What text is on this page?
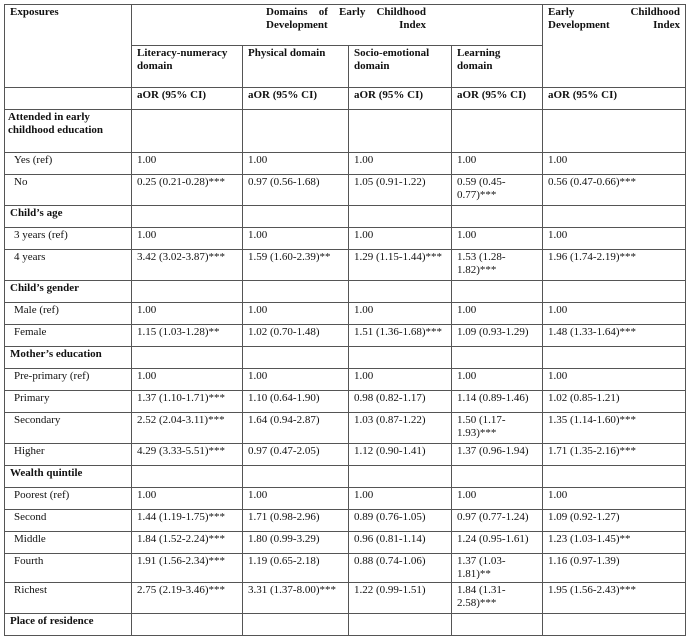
Exposures	Domains of Early Childhood Development Index				Early Childhood Development Index

	Literacy-numeracy domain	Physical domain	Socio-emotional domain	Learning domain	
	aOR (95% CI)	aOR (95% CI)	aOR (95% CI)	aOR (95% CI)	aOR (95% CI)
Attended in early childhood education					
Yes (ref)	1.00	1.00	1.00	1.00	1.00
No	0.25 (0.21-0.28)***	0.97 (0.56-1.68)	1.05 (0.91-1.22)	0.59 (0.45-0.77)***	0.56 (0.47-0.66)***
Child’s age					
3 years (ref)	1.00	1.00	1.00	1.00	1.00
4 years	3.42 (3.02-3.87)***	1.59 (1.60-2.39)**	1.29 (1.15-1.44)***	1.53 (1.28-1.82)***	1.96 (1.74-2.19)***
Child’s gender					
Male (ref)	1.00	1.00	1.00	1.00	1.00
Female	1.15 (1.03-1.28)**	1.02 (0.70-1.48)	1.51 (1.36-1.68)***	1.09 (0.93-1.29)	1.48 (1.33-1.64)***
Mother’s education					
Pre-primary (ref)	1.00	1.00	1.00	1.00	1.00
Primary	1.37 (1.10-1.71)***	1.10 (0.64-1.90)	0.98 (0.82-1.17)	1.14 (0.89-1.46)	1.02 (0.85-1.21)
Secondary	2.52 (2.04-3.11)***	1.64 (0.94-2.87)	1.03 (0.87-1.22)	1.50 (1.17-1.93)***	1.35 (1.14-1.60)***
Higher	4.29 (3.33-5.51)***	0.97 (0.47-2.05)	1.12 (0.90-1.41)	1.37 (0.96-1.94)	1.71 (1.35-2.16)***
Wealth quintile					
Poorest (ref)	1.00	1.00	1.00	1.00	1.00
Second	1.44 (1.19-1.75)***	1.71 (0.98-2.96)	0.89 (0.76-1.05)	0.97 (0.77-1.24)	1.09 (0.92-1.27)
Middle	1.84 (1.52-2.24)***	1.80 (0.99-3.29)	0.96 (0.81-1.14)	1.24 (0.95-1.61)	1.23 (1.03-1.45)**
Fourth	1.91 (1.56-2.34)***	1.19 (0.65-2.18)	0.88 (0.74-1.06)	1.37 (1.03-1.81)**	1.16 (0.97-1.39)
Richest	2.75 (2.19-3.46)***	3.31 (1.37-8.00)***	1.22 (0.99-1.51)	1.84 (1.31-2.58)***	1.95 (1.56-2.43)***
Place of residence					
